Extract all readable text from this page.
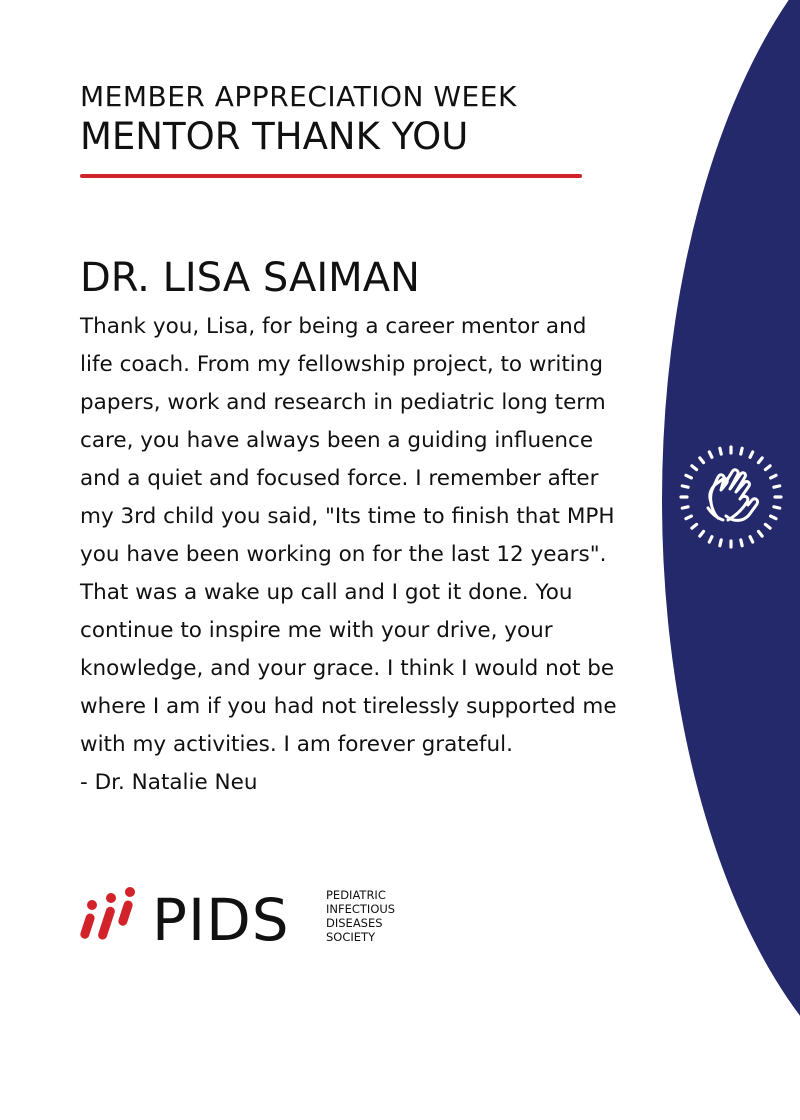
MEMBER APPRECIATION WEEK
MENTOR THANK YOU
DR. LISA SAIMAN

Thank you, Lisa, for being a career mentor and

life coach. From my fellowship project, to writing

papers, work and research in pediatric long term

care, you have always been a guiding influence

and a quiet and focused force. I remember after

my 3rd child you said, "Its time to finish that MPH

you have been working on for the last 12 years".

That was a wake up call and I got it done. You

continue to inspire me with your drive, your

knowledge, and your grace. I think I would not be

where I am if you had not tirelessly supported me

with my activities. I am forever grateful.

- Dr. Natalie Neu

PIDS	PEDIATRIC
INFECTIOUS
DISEASES
SOCIETY
